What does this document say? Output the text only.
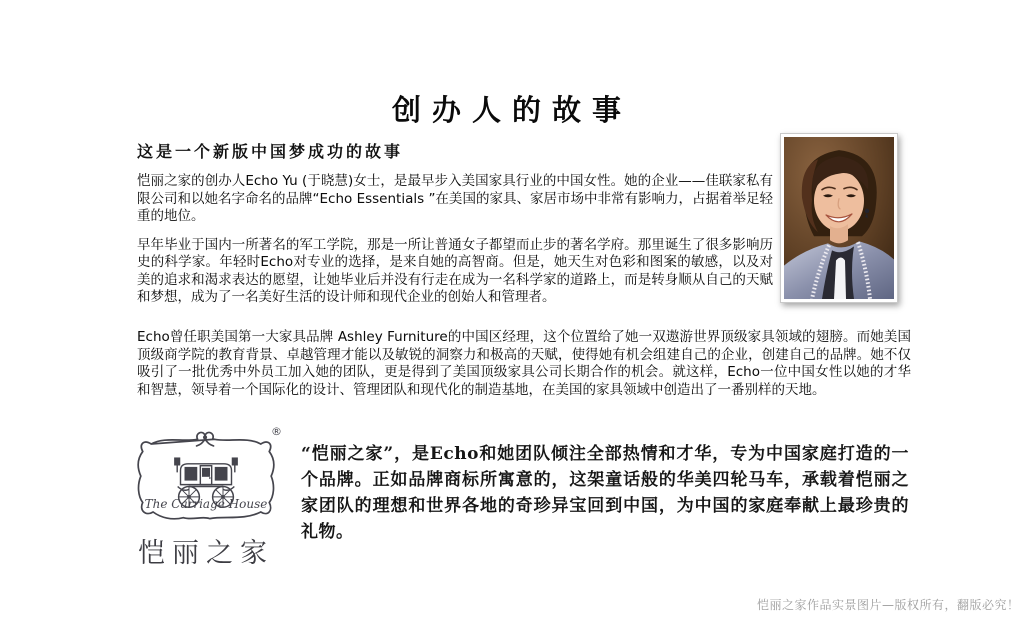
创办人的故事
这是一个新版中国梦成功的故事

恺丽之家的创办人Echo Yu (于晓慧)女士，是最早步入美国家具行业的中国女性。她的企业——佳联家私有限公司和以她名字命名的品牌“Echo Essentials ”在美国的家具、家居市场中非常有影响力，占据着举足轻重的地位。

早年毕业于国内一所著名的军工学院，那是一所让普通女子都望而止步的著名学府。那里诞生了很多影响历史的科学家。年轻时Echo对专业的选择，是来自她的高智商。但是，她天生对色彩和图案的敏感，以及对美的追求和渴求表达的愿望，让她毕业后并没有行走在成为一名科学家的道路上，而是转身顺从自己的天赋和梦想，成为了一名美好生活的设计师和现代企业的创始人和管理者。

Echo曾任职美国第一大家具品牌 Ashley Furniture的中国区经理，这个位置给了她一双遨游世界顶级家具领域的翅膀。而她美国顶级商学院的教育背景、卓越管理才能以及敏锐的洞察力和极高的天赋，使得她有机会组建自己的企业，创建自己的品牌。她不仅吸引了一批优秀中外员工加入她的团队，更是得到了美国顶级家具公司长期合作的机会。就这样，Echo一位中国女性以她的才华和智慧，领导着一个国际化的设计、管理团队和现代化的制造基地，在美国的家具领域中创造出了一番别样的天地。

®
The Carriage House
恺丽之家
“恺丽之家”，是Echo和她团队倾注全部热情和才华，专为中国家庭打造的一个品牌。正如品牌商标所寓意的，这架童话般的华美四轮马车，承载着恺丽之家团队的理想和世界各地的奇珍异宝回到中国，为中国的家庭奉献上最珍贵的礼物。
恺丽之家作品实景图片—版权所有，翻版必究！
